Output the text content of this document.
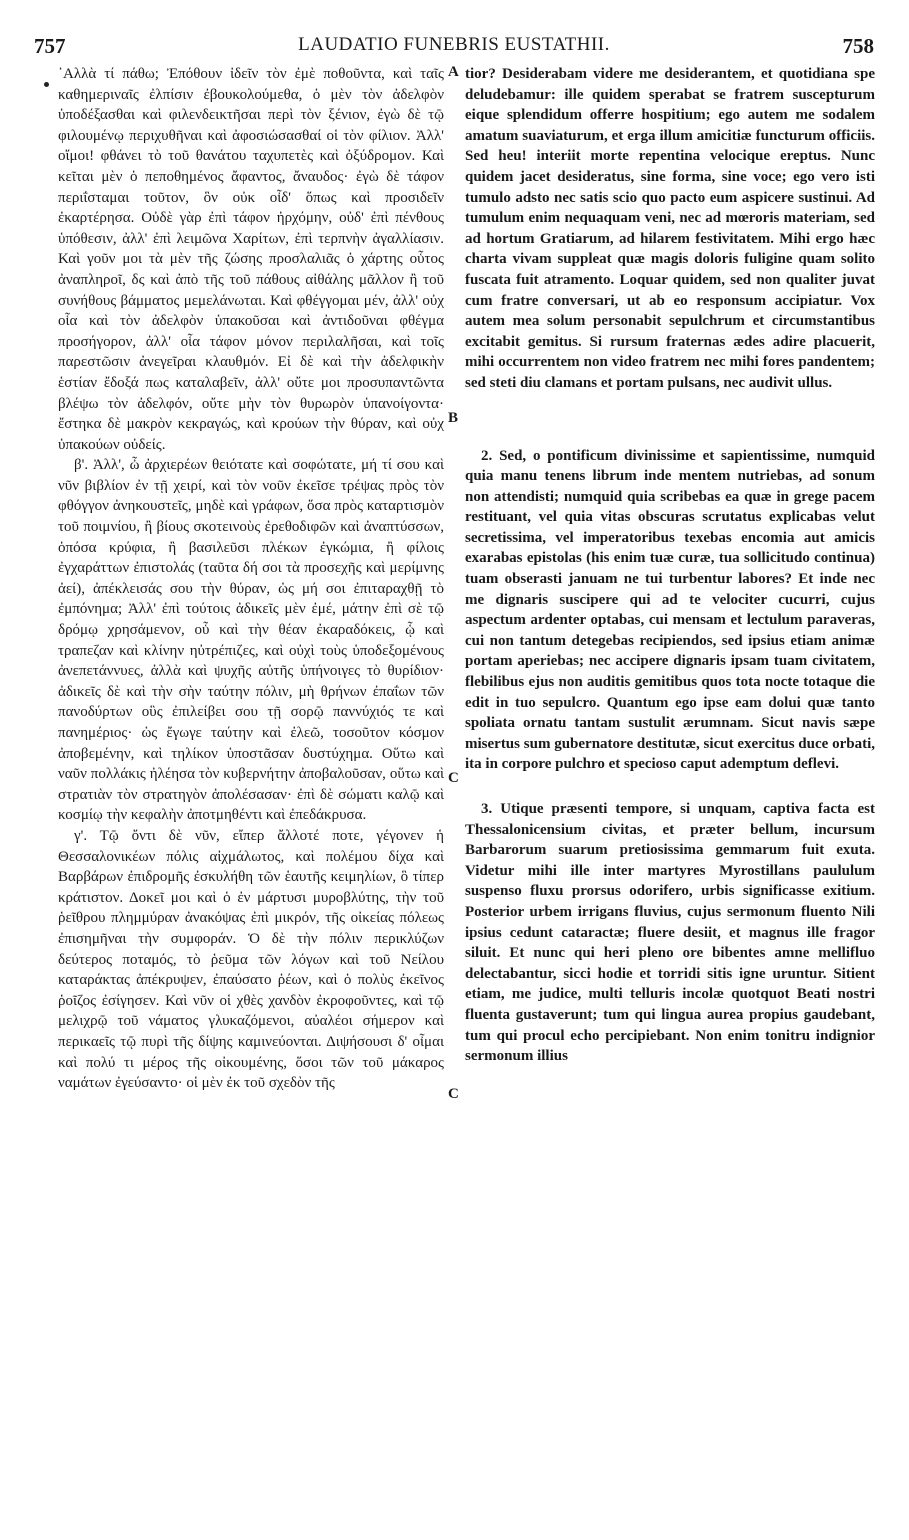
757	LAUDATIO FUNEBRIS EUSTATHII.	758
A
B
C
C

᾿Αλλὰ τί πάθω; Ἐπόθουν ἰδεῖν τὸν ἐμὲ ποθοῦντα, καὶ ταῖς καθημεριναῖς ἐλπίσιν ἐβουκολούμεθα, ὁ μὲν τὸν ἀδελφὸν ὑποδέξασθαι καὶ φιλενδεικτῆσαι περὶ τὸν ξένιον, ἐγὼ δὲ τῷ φιλουμένῳ περιχυθῆναι καὶ ἀφοσιώσασθαί οἱ τὸν φίλιον. Ἀλλ' οἴμοι! φθάνει τὸ τοῦ θανάτου ταχυπετὲς καὶ ὀξύδρομον. Καὶ κεῖται μὲν ὁ πεποθημένος ἄφαντος, ἄναυδος· ἐγὼ δὲ τάφον περιΐσταμαι τοῦτον, ὃν οὐκ οἶδ' ὅπως καὶ προσιδεῖν ἐκαρτέρησα. Οὐδὲ γὰρ ἐπὶ τάφον ἠρχόμην, οὐδ' ἐπὶ πένθους ὑπόθεσιν, ἀλλ' ἐπὶ λειμῶνα Χαρίτων, ἐπὶ τερπνὴν ἀγαλλίασιν. Καὶ γοῦν μοι τὰ μὲν τῆς ζώσης προσλαλιᾶς ὁ χάρτης οὗτος ἀναπληροῖ, δς καὶ ἀπὸ τῆς τοῦ πάθους αἰθάλης μᾶλλον ἢ τοῦ συνήθους βάμματος μεμελάνωται. Καὶ φθέγγομαι μέν, ἀλλ' οὐχ οἷα καὶ τὸν ἀδελφὸν ὑπακοῦσαι καὶ ἀντιδοῦναι φθέγμα προσήγορον, ἀλλ' οἷα τάφον μόνον περιλαλῆσαι, καὶ τοῖς παρεστῶσιν ἀνεγεῖραι κλαυθμόν. Εἰ δὲ καὶ τὴν ἀδελφικὴν ἑστίαν ἔδοξά πως καταλαβεῖν, ἀλλ' οὔτε μοι προσυπαντῶντα βλέψω τὸν ἀδελφόν, οὔτε μὴν τὸν θυρωρὸν ὑπανοίγοντα· ἔστηκα δὲ μακρὸν κεκραγώς, καὶ κρούων τὴν θύραν, καὶ οὐχ ὑπακούων οὐδείς.

β'. Ἀλλ', ὦ ἀρχιερέων θειότατε καὶ σοφώτατε, μή τί σου καὶ νῦν βιβλίον ἐν τῇ χειρί, καὶ τὸν νοῦν ἐκεῖσε τρέψας πρὸς τὸν φθόγγον ἀνηκουστεῖς, μηδὲ καὶ γράφων, ὅσα πρὸς καταρτισμὸν τοῦ ποιμνίου, ἢ βίους σκοτεινοὺς ἐρεθοδιφῶν καὶ ἀναπτύσσων, ὁπόσα κρύφια, ἢ βασιλεῦσι πλέκων ἐγκώμια, ἢ φίλοις ἐγχαράττων ἐπιστολάς (ταῦτα δή σοι τὰ προσεχῆς καὶ μερίμνης ἀεί), ἀπέκλεισάς σου τὴν θύραν, ὡς μή σοι ἐπιταραχθῇ τὸ ἐμπόνημα; Ἀλλ' ἐπὶ τούτοις ἀδικεῖς μὲν ἐμέ, μάτην ἐπὶ σὲ τῷ δρόμῳ χρησάμενον, οὗ καὶ τὴν θέαν ἐκαραδόκεις, ᾧ καὶ τραπεζαν καὶ κλίνην ηὐτρέπιζες, καὶ οὐχὶ τοὺς ὑποδεξομένους ἀνεπετάννυες, ἀλλὰ καὶ ψυχῆς αὐτῆς ὑπήνοιγες τὸ θυρίδιον· ἀδικεῖς δὲ καὶ τὴν σὴν ταύτην πόλιν, μὴ θρήνων ἐπαΐων τῶν πανοδύρτων οὓς ἐπιλείβει σου τῇ σορῷ παννύχιός τε καὶ πανημέριος· ὡς ἔγωγε ταύτην καὶ ἐλεῶ, τοσοῦτον κόσμον ἀποβεμένην, καὶ τηλίκον ὑποστᾶσαν δυστύχημα. Οὕτω καὶ ναῦν πολλάκις ἠλέησα τὸν κυβερνήτην ἀποβαλοῦσαν, οὕτω καὶ στρατιὰν τὸν στρατηγὸν ἀπολέσασαν· ἐπὶ δὲ σώματι καλῷ καὶ κοσμίῳ τὴν κεφαλὴν ἀποτμηθέντι καὶ ἐπεδάκρυσα.

γ'. Τῷ ὄντι δὲ νῦν, εἴπερ ἄλλοτέ ποτε, γέγονεν ἡ Θεσσαλονικέων πόλις αἰχμάλωτος, καὶ πολέμου δίχα καὶ Βαρβάρων ἐπιδρομῆς ἐσκυλήθη τῶν ἑαυτῆς κειμηλίων, ὃ τίπερ κράτιστον. Δοκεῖ μοι καὶ ὁ ἐν μάρτυσι μυροβλύτης, τὴν τοῦ ῥεῖθρου πλημμύραν ἀνακόψας ἐπὶ μικρόν, τῆς οἰκείας πόλεως ἐπισημῆναι τὴν συμφοράν. Ὁ δὲ τὴν πόλιν περικλύζων δεύτερος ποταμός, τὸ ῥεῦμα τῶν λόγων καὶ τοῦ Νείλου καταράκτας ἀπέκρυψεν, ἐπαύσατο ῥέων, καὶ ὁ πολὺς ἐκεῖνος ῥοῖζος ἐσίγησεν. Καὶ νῦν οἱ χθὲς χανδὸν ἐκροφοῦντες, καὶ τῷ μελιχρῷ τοῦ νάματος γλυκαζόμενοι, αὐαλέοι σήμερον καὶ περικαεῖς τῷ πυρὶ τῆς δίψης καμινεύονται. Διψήσουσι δ' οἶμαι καὶ πολύ τι μέρος τῆς οἰκουμένης, ὅσοι τῶν τοῦ μάκαρος ναμάτων ἐγεύσαντο· οἱ μὲν ἐκ τοῦ σχεδὸν τῆς

tior? Desiderabam videre me desiderantem, et quotidiana spe deludebamur: ille quidem sperabat se fratrem suscepturum eique splendidum offerre hospitium; ego autem me sodalem amatum suaviaturum, et erga illum amicitiæ functurum officiis. Sed heu! interiit morte repentina velocique ereptus. Nunc quidem jacet desideratus, sine forma, sine voce; ego vero isti tumulo adsto nec satis scio quo pacto eum aspicere sustinui. Ad tumulum enim nequaquam veni, nec ad mœroris materiam, sed ad hortum Gratiarum, ad hilarem festivitatem. Mihi ergo hæc charta vivam suppleat quæ magis doloris fuligine quam solito fuscata fuit atramento. Loquar quidem, sed non qualiter juvat cum fratre conversari, ut ab eo responsum accipiatur. Vox autem mea solum personabit sepulchrum et circumstantibus excitabit gemitus. Si rursum fraternas ædes adire placuerit, mihi occurrentem non video fratrem nec mihi fores pandentem; sed steti diu clamans et portam pulsans, nec audivit ullus.

2. Sed, o pontificum divinissime et sapientissime, numquid quia manu tenens librum inde mentem nutriebas, ad sonum non attendisti; numquid quia scribebas ea quæ in grege pacem restituant, vel quia vitas obscuras scrutatus explicabas velut secretissima, vel imperatoribus texebas encomia aut amicis exarabas epistolas (his enim tuæ curæ, tua sollicitudo continua) tuam obserasti januam ne tui turbentur labores? Et inde nec me dignaris suscipere qui ad te velociter cucurri, cujus aspectum ardenter optabas, cui mensam et lectulum paraveras, cui non tantum detegebas recipiendos, sed ipsius etiam animæ portam aperiebas; nec accipere dignaris ipsam tuam civitatem, flebilibus ejus non auditis gemitibus quos tota nocte totaque die edit in tuo sepulcro. Quantum ego ipse eam dolui quæ tanto spoliata ornatu tantam sustulit ærumnam. Sicut navis sæpe misertus sum gubernatore destitutæ, sicut exercitus duce orbati, ita in corpore pulchro et specioso caput ademptum deflevi.

3. Utique præsenti tempore, si unquam, captiva facta est Thessalonicensium civitas, et præter bellum, incursum Barbarorum suarum pretiosissima gemmarum fuit exuta. Videtur mihi ille inter martyres Myrostillans paululum suspenso fluxu prorsus odorifero, urbis significasse exitium. Posterior urbem irrigans fluvius, cujus sermonum fluento Nili ipsius cedunt cataractæ; fluere desiit, et magnus ille fragor siluit. Et nunc qui heri pleno ore bibentes amne mellifluo delectabantur, sicci hodie et torridi sitis igne uruntur. Sitient etiam, me judice, multi telluris incolæ quotquot Beati nostri fluenta gustaverunt; tum qui lingua aurea propius gaudebant, tum qui procul echo percipiebant. Non enim tonitru indignior sermonum illius
